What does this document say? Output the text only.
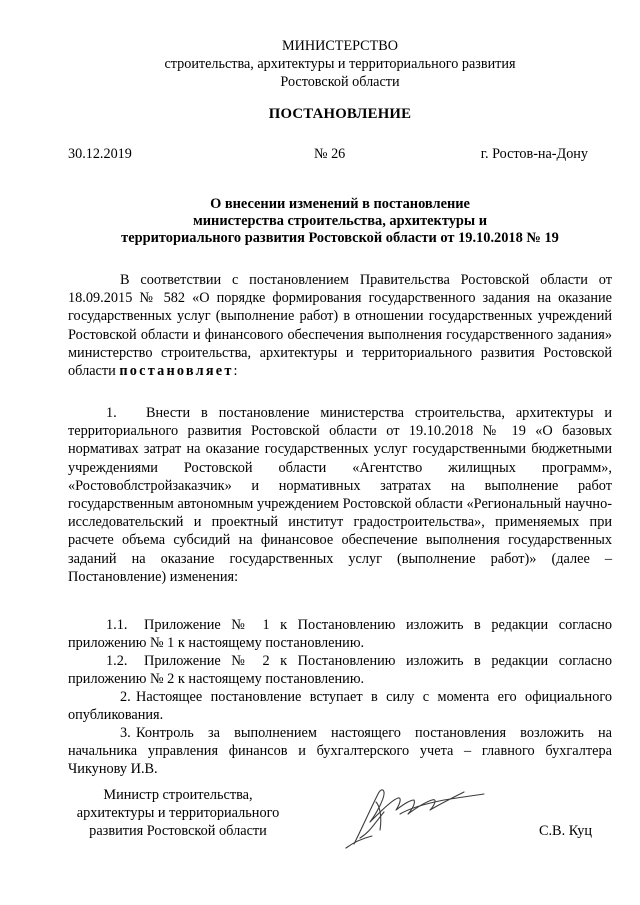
МИНИСТЕРСТВО
строительства, архитектуры и территориального развития
Ростовской области
ПОСТАНОВЛЕНИЕ
30.12.2019	№ 26	г. Ростов-на-Дону
О внесении изменений в постановление
министерства строительства, архитектуры и
территориального развития Ростовской области от 19.10.2018 № 19
В соответствии с постановлением Правительства Ростовской области от 18.09.2015 № 582 «О порядке формирования государственного задания на оказание государственных услуг (выполнение работ) в отношении государственных учреждений Ростовской области и финансового обеспечения выполнения государственного задания» министерство строительства, архитектуры и территориального развития Ростовской области постановляет:
1. Внести в постановление министерства строительства, архитектуры и территориального развития Ростовской области от 19.10.2018 № 19 «О базовых нормативах затрат на оказание государственных услуг государственными бюджетными учреждениями Ростовской области «Агентство жилищных программ», «Ростовоблстройзаказчик» и нормативных затратах на выполнение работ государственным автономным учреждением Ростовской области «Региональный научно-исследовательский и проектный институт градостроительства», применяемых при расчете объема субсидий на финансовое обеспечение выполнения государственных заданий на оказание государственных услуг (выполнение работ)» (далее – Постановление) изменения:
1.1. Приложение № 1 к Постановлению изложить в редакции согласно приложению № 1 к настоящему постановлению.
1.2. Приложение № 2 к Постановлению изложить в редакции согласно приложению № 2 к настоящему постановлению.
2. Настоящее постановление вступает в силу с момента его официального опубликования.
3. Контроль за выполнением настоящего постановления возложить на начальника управления финансов и бухгалтерского учета – главного бухгалтера Чикунову И.В.
Министр строительства,
архитектуры и территориального
развития Ростовской области	С.В. Куц
